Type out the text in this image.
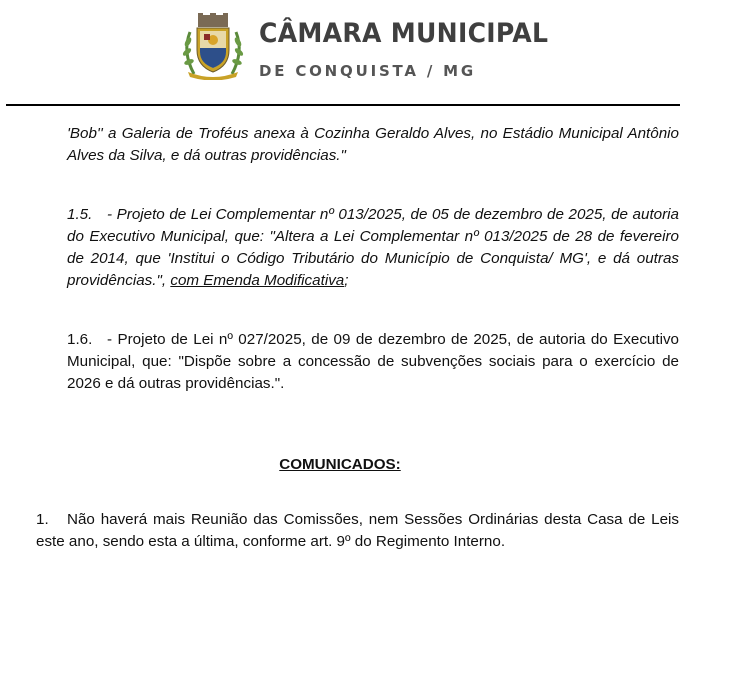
CÂMARA MUNICIPAL
DE CONQUISTA / MG

'Bob'' a Galeria de Troféus anexa à Cozinha Geraldo Alves, no Estádio Municipal Antônio Alves da Silva, e dá outras providências."

1.5. - Projeto de Lei Complementar nº 013/2025, de 05 de dezembro de 2025, de autoria do Executivo Municipal, que: "Altera a Lei Complementar nº 013/2025 de 28 de fevereiro de 2014, que 'Institui o Código Tributário do Município de Conquista/ MG', e dá outras providências.", com Emenda Modificativa;

1.6. - Projeto de Lei nº 027/2025, de 09 de dezembro de 2025, de autoria do Executivo Municipal, que: "Dispõe sobre a concessão de subvenções sociais para o exercício de 2026 e dá outras providências.".

COMUNICADOS:

1. Não haverá mais Reunião das Comissões, nem Sessões Ordinárias desta Casa de Leis este ano, sendo esta a última, conforme art. 9º do Regimento Interno.
